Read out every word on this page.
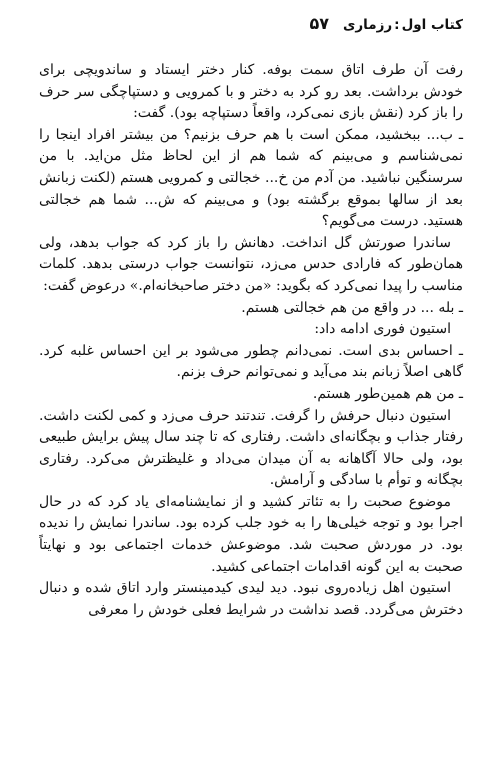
کتاب اول
:
رزماری
۵۷

رفت آن طرف اتاق سمت بوفه. کنار دختر ایستاد و ساندویچی برای خودش برداشت. بعد رو کرد به دختر و با کمرویی و دستپاچگی سر حرف را باز کرد (نقش بازی نمی‌کرد، واقعاً دستپاچه بود). گفت:

ـ ب... ببخشید، ممکن است با هم حرف بزنیم؟ من بیشتر افراد اینجا را نمی‌شناسم و می‌بینم که شما هم از این لحاظ مثل من‌اید. با من سرسنگین نباشید. من آدم من خ... خجالتی و کمرویی هستم (لکنت زبانش بعد از سالها بموقع برگشته بود) و می‌بینم که ش... شما هم خجالتی هستید. درست می‌گویم؟

ساندرا صورتش گل انداخت. دهانش را باز کرد که جواب بدهد، ولی همان‌طور که فارادی حدس می‌زد، نتوانست جواب درستی بدهد. کلمات مناسب را پیدا نمی‌کرد که بگوید: «من دختر صاحبخانه‌ام.» درعوض گفت:

ـ بله ... در واقع من هم خجالتی هستم.

استیون فوری ادامه داد:

ـ احساس بدی است. نمی‌دانم چطور می‌شود بر این احساس غلبه کرد. گاهی اصلاً زبانم بند می‌آید و نمی‌توانم حرف بزنم.

ـ من هم همین‌طور هستم.

استیون دنبال حرفش را گرفت. تندتند حرف می‌زد و کمی لکنت داشت. رفتار جذاب و بچگانه‌ای داشت. رفتاری که تا چند سال پیش برایش طبیعی بود، ولی حالا آگاهانه به آن میدان می‌داد و غلیظترش می‌کرد. رفتاری بچگانه و توأم با سادگی و آرامش.

موضوع صحبت را به تئاتر کشید و از نمایشنامه‌ای یاد کرد که در حال اجرا بود و توجه خیلی‌ها را به خود جلب کرده بود. ساندرا نمایش را ندیده بود. در موردش صحبت شد. موضوعش خدمات اجتماعی بود و نهایتاً صحبت به این گونه اقدامات اجتماعی کشید.

استیون اهل زیاده‌روی نبود. دید لیدی کیدمینستر وارد اتاق شده و دنبال دخترش می‌گردد. قصد نداشت در شرایط فعلی خودش را معرفی
